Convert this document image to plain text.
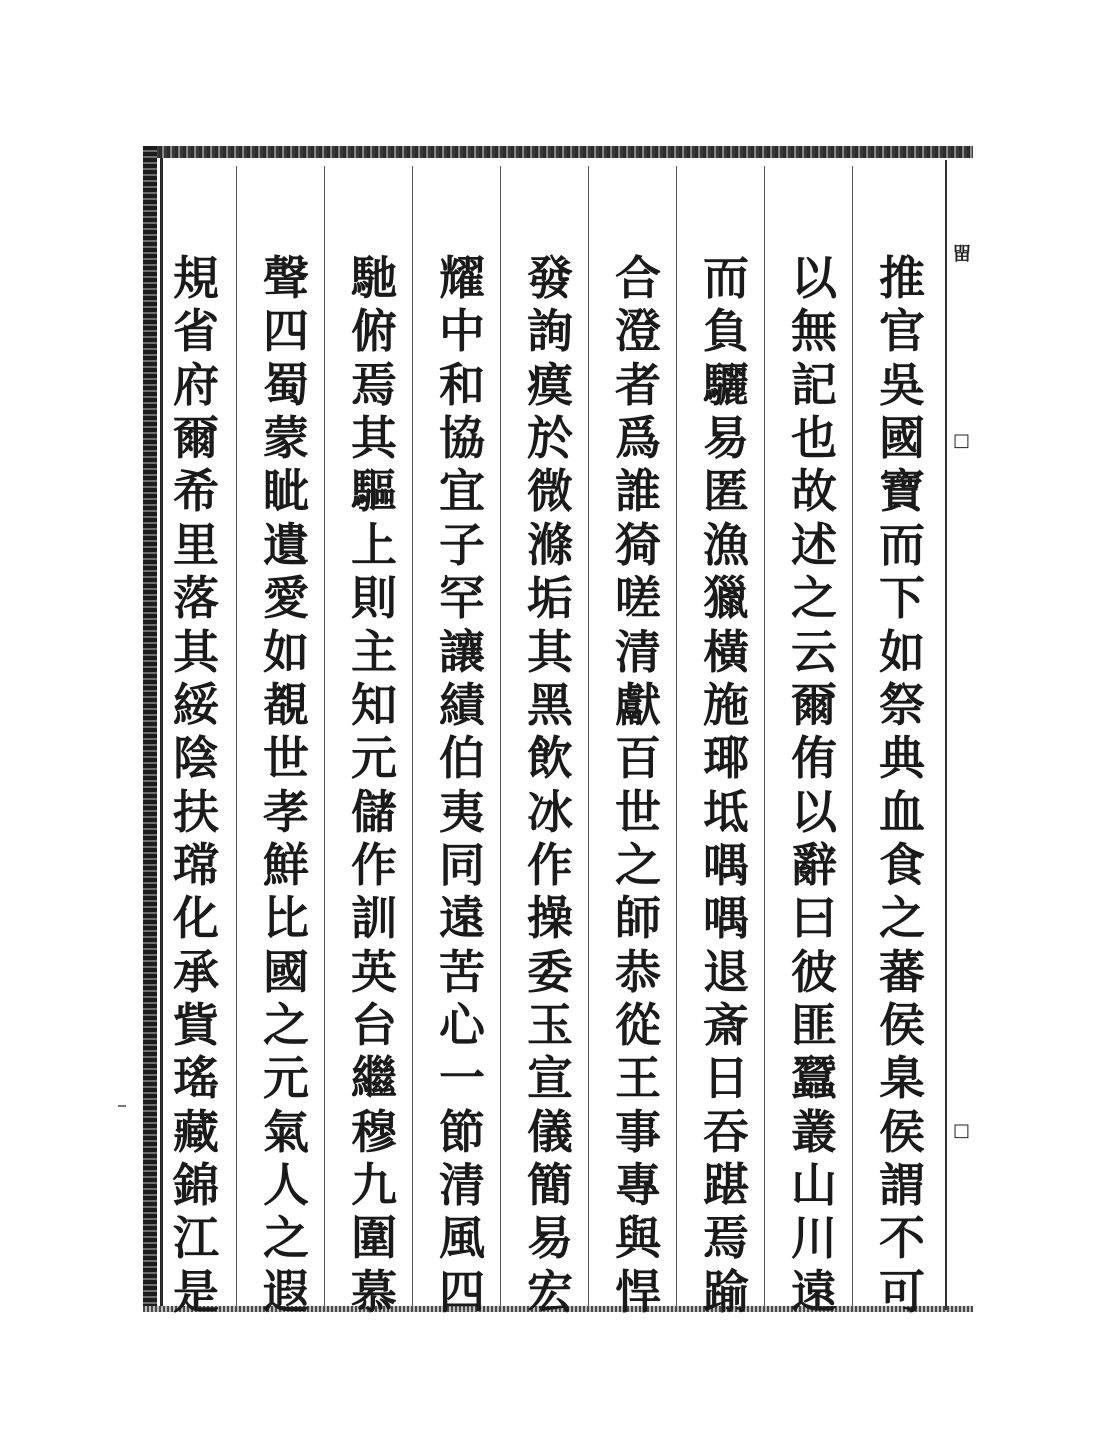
㽞
□
□
推
官
吳
國
寶
而
下
如
祭
典
血
食
之
蕃
侯
臬
侯
謂
不
可
以
無
記
也
故
述
之
云
爾
侑
以
辭
曰
彼
匪
蠶
叢
山
川
遠
而
負
驪
易
匿
漁
獵
橫
施
瑘
坻
喁
喁
退
斎
日
吞
踸
焉
踰
合
澄
者
爲
誰
猗
嗟
清
獻
百
世
之
師
恭
從
王
事
專
與
悍
發
詢
瘼
於
微
滌
垢
其
黑
飲
冰
作
操
委
玉
宣
儀
簡
易
宏
耀
中
和
協
宜
子
罕
讓
績
伯
夷
同
遠
苦
心
一
節
清
風
四
馳
俯
焉
其
驅
上
則
主
知
元
儲
作
訓
英
台
繼
穆
九
圍
慕
聲
四
蜀
蒙
眦
遺
愛
如
覩
世
孝
鮮
比
國
之
元
氣
人
之
遐
規
省
府
爾
希
里
落
其
綏
陰
扶
瑺
化
承
貲
瑤
藏
錦
江
是
